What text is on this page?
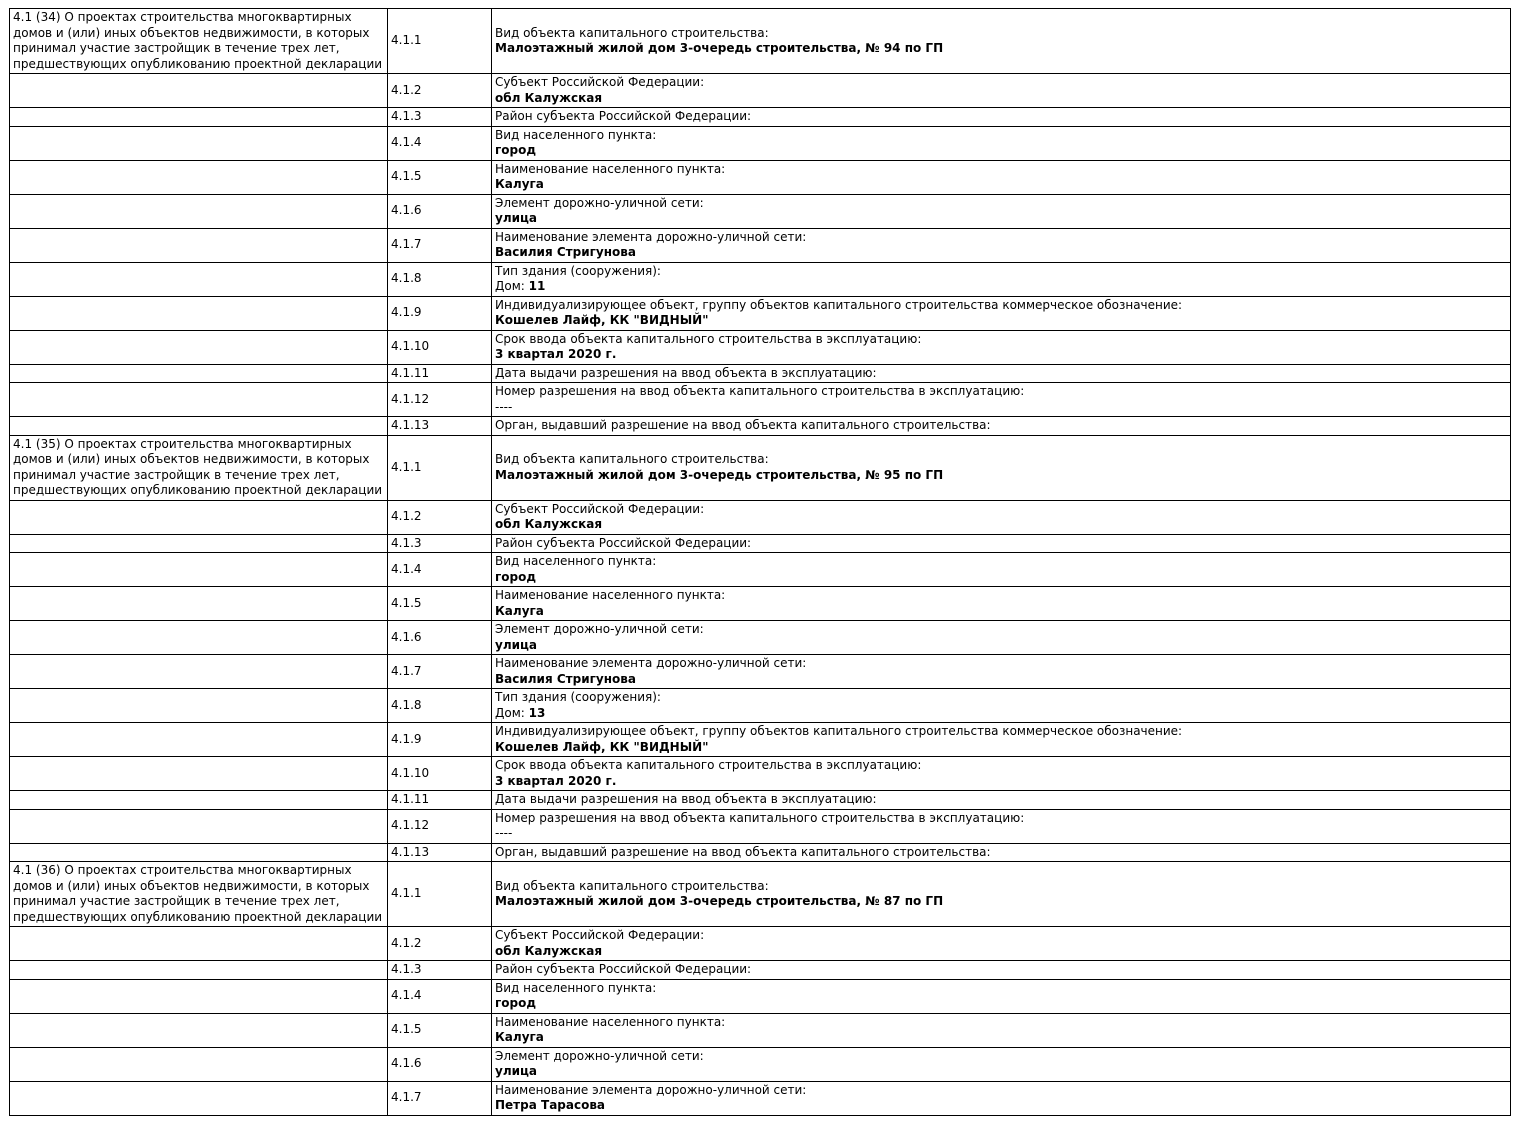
4.1 (34) О проектах строительства многоквартирных домов и (или) иных объектов недвижимости, в которых принимал участие застройщик в течение трех лет, предшествующих опубликованию проектной декларации	4.1.1	Вид объекта капитального строительства:
Малоэтажный жилой дом 3-очередь строительства, № 94 по ГП

	4.1.2	Субъект Российской Федерации:
обл Калужская

	4.1.3	Район субъекта Российской Федерации:

	4.1.4	Вид населенного пункта:
город

	4.1.5	Наименование населенного пункта:
Калуга

	4.1.6	Элемент дорожно-уличной сети:
улица

	4.1.7	Наименование элемента дорожно-уличной сети:
Василия Стригунова

	4.1.8	Тип здания (сооружения):
Дом: 11

	4.1.9	Индивидуализирующее объект, группу объектов капитального строительства коммерческое обозначение:
Кошелев Лайф, КК "ВИДНЫЙ"

	4.1.10	Срок ввода объекта капитального строительства в эксплуатацию:
3 квартал 2020 г.

	4.1.11	Дата выдачи разрешения на ввод объекта в эксплуатацию:

	4.1.12	Номер разрешения на ввод объекта капитального строительства в эксплуатацию:
----

	4.1.13	Орган, выдавший разрешение на ввод объекта капитального строительства:

4.1 (35) О проектах строительства многоквартирных домов и (или) иных объектов недвижимости, в которых принимал участие застройщик в течение трех лет, предшествующих опубликованию проектной декларации	4.1.1	Вид объекта капитального строительства:
Малоэтажный жилой дом 3-очередь строительства, № 95 по ГП

	4.1.2	Субъект Российской Федерации:
обл Калужская

	4.1.3	Район субъекта Российской Федерации:

	4.1.4	Вид населенного пункта:
город

	4.1.5	Наименование населенного пункта:
Калуга

	4.1.6	Элемент дорожно-уличной сети:
улица

	4.1.7	Наименование элемента дорожно-уличной сети:
Василия Стригунова

	4.1.8	Тип здания (сооружения):
Дом: 13

	4.1.9	Индивидуализирующее объект, группу объектов капитального строительства коммерческое обозначение:
Кошелев Лайф, КК "ВИДНЫЙ"

	4.1.10	Срок ввода объекта капитального строительства в эксплуатацию:
3 квартал 2020 г.

	4.1.11	Дата выдачи разрешения на ввод объекта в эксплуатацию:

	4.1.12	Номер разрешения на ввод объекта капитального строительства в эксплуатацию:
----

	4.1.13	Орган, выдавший разрешение на ввод объекта капитального строительства:

4.1 (36) О проектах строительства многоквартирных домов и (или) иных объектов недвижимости, в которых принимал участие застройщик в течение трех лет, предшествующих опубликованию проектной декларации	4.1.1	Вид объекта капитального строительства:
Малоэтажный жилой дом 3-очередь строительства, № 87 по ГП

	4.1.2	Субъект Российской Федерации:
обл Калужская

	4.1.3	Район субъекта Российской Федерации:

	4.1.4	Вид населенного пункта:
город

	4.1.5	Наименование населенного пункта:
Калуга

	4.1.6	Элемент дорожно-уличной сети:
улица

	4.1.7	Наименование элемента дорожно-уличной сети:
Петра Тарасова
